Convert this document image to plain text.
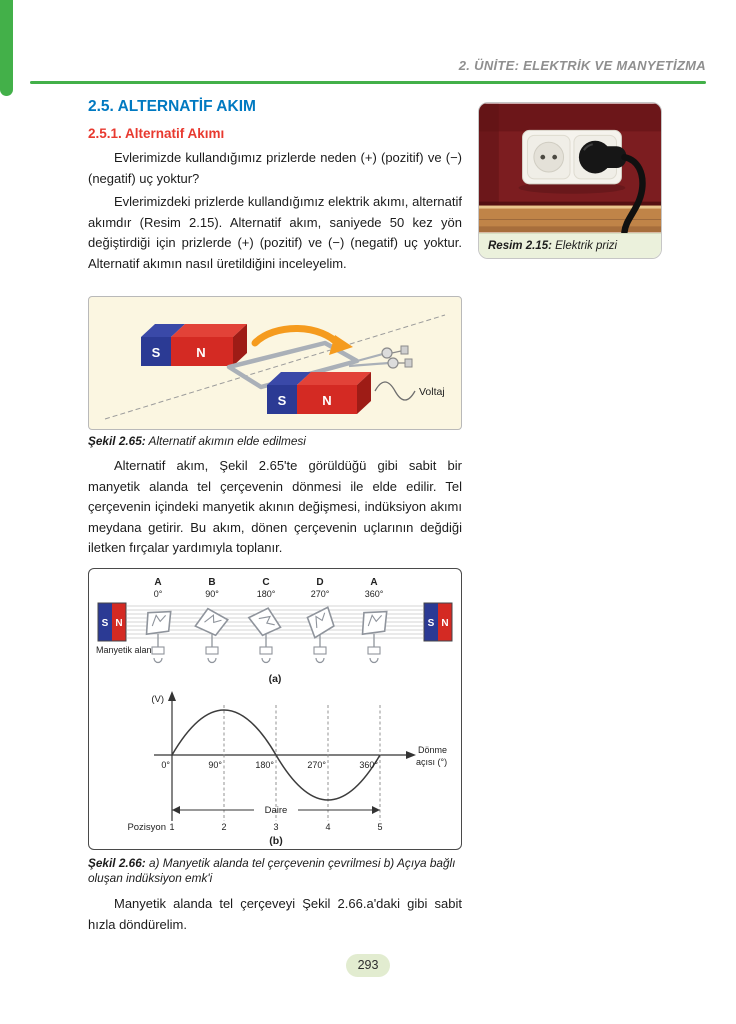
2. ÜNİTE: ELEKTRİK VE MANYETİZMA
2.5. ALTERNATİF AKIM
2.5.1. Alternatif Akımı

Evlerimizde kullandığımız prizlerde neden (+) (pozitif) ve (−) (negatif) uç yoktur?

Evlerimizdeki prizlerde kullandığımız elektrik akımı, alternatif akımdır (Resim 2.15). Alternatif akım, saniyede 50 kez yön değiştirdiği için prizlerde (+) (pozitif) ve (−) (negatif) uç yoktur. Alternatif akımın nasıl üretildiğini inceleyelim.

Resim 2.15: Elektrik prizi
S	N
S	N
Voltaj

Şekil 2.65: Alternatif akımın elde edilmesi

Alternatif akım, Şekil 2.65'te görüldüğü gibi sabit bir manyetik alanda tel çerçevenin dönmesi ile elde edilir. Tel çerçevenin içindeki manyetik akının değişmesi, indüksiyon akımı meydana getirir. Bu akım, dönen çerçevenin uçlarının değdiği iletken fırçalar yardımıyla toplanır.

A	B	C	D	A
0°	90°	180°	270°	360°
S N	S N
Manyetik alan
(a)
(V)
0°	90°	180°	270°	360°
Dönme
açısı (°)
Daire
Pozisyon 1	2	3	4	5
(b)

Şekil 2.66: a) Manyetik alanda tel çerçevenin çevrilmesi b) Açıya bağlı oluşan indüksiyon emk'i

Manyetik alanda tel çerçeveyi Şekil 2.66.a'daki gibi sabit hızla döndürelim.

293
